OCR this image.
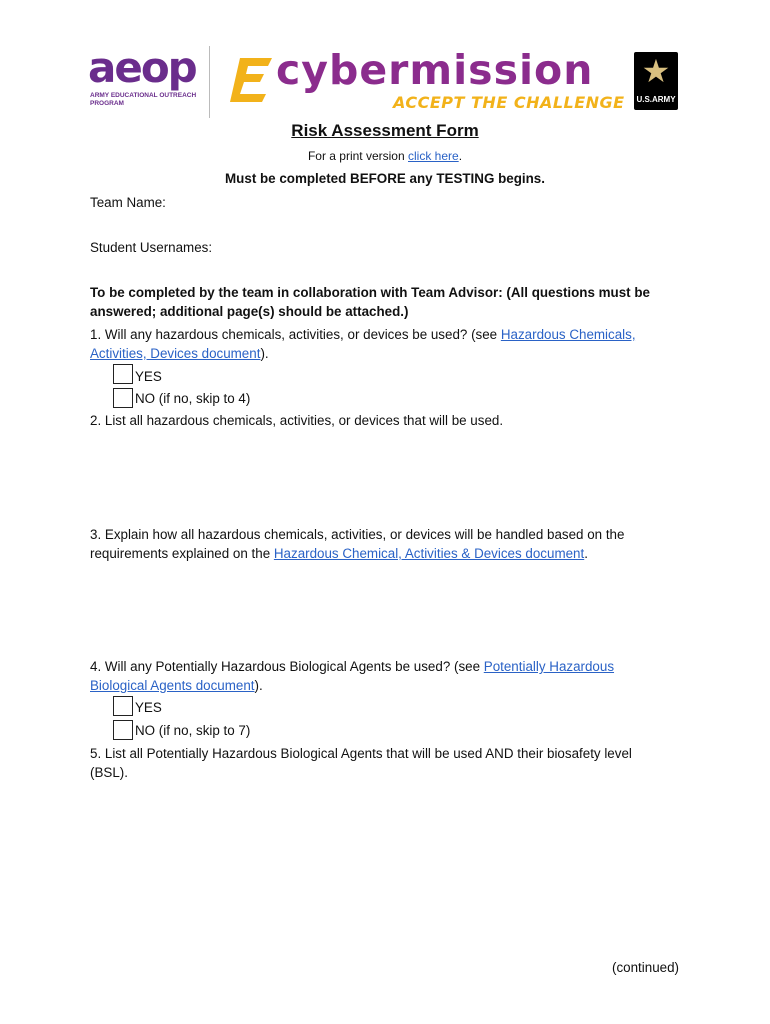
aeop
ARMY EDUCATIONAL OUTREACH PROGRAM
cybermission
ACCEPT THE CHALLENGE
★
U.S.ARMY
Risk Assessment Form
For a print version click here.
Must be completed BEFORE any TESTING begins.
Team Name:
Student Usernames:
To be completed by the team in collaboration with Team Advisor: (All questions must be answered; additional page(s) should be attached.)
1. Will any hazardous chemicals, activities, or devices be used? (see Hazardous Chemicals, Activities, Devices document).
YES
NO (if no, skip to 4)
2. List all hazardous chemicals, activities, or devices that will be used.
3. Explain how all hazardous chemicals, activities, or devices will be handled based on the requirements explained on the Hazardous Chemical, Activities & Devices document.
4. Will any Potentially Hazardous Biological Agents be used? (see Potentially Hazardous Biological Agents document).
YES
NO (if no, skip to 7)
5. List all Potentially Hazardous Biological Agents that will be used AND their biosafety level (BSL).
(continued)
